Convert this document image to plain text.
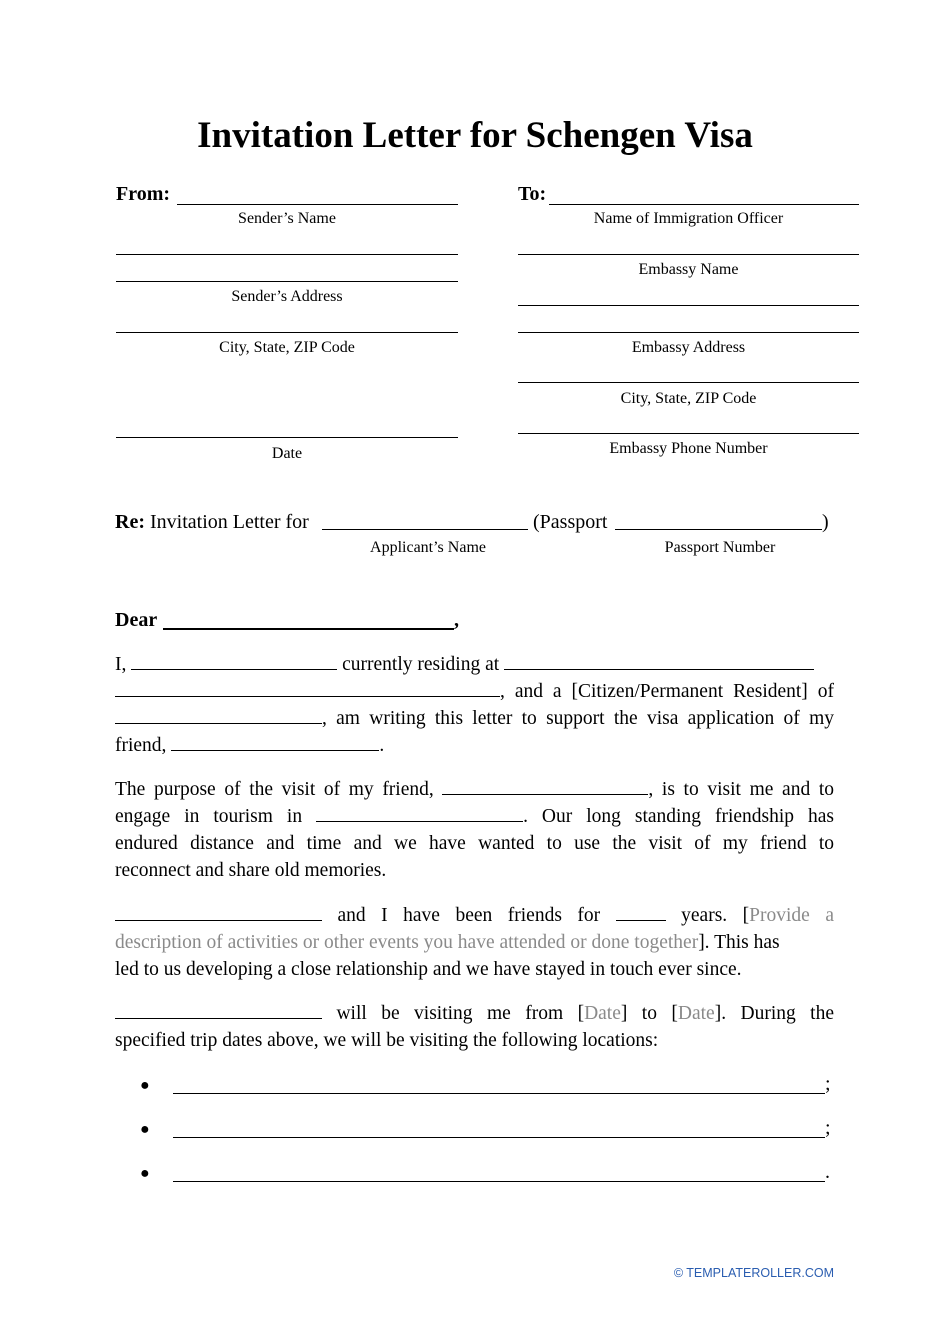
Invitation Letter for Schengen Visa
From:
Sender’s Name
Sender’s Address
City, State, ZIP Code
Date
To:
Name of Immigration Officer
Embassy Name
Embassy Address
City, State, ZIP Code
Embassy Phone Number
Re: Invitation Letter for	(Passport	)
Applicant’s Name	Passport Number
Dear	,
I,	currently residing at
, and a [Citizen/Permanent Resident] of
, am writing this letter to support the visa application of my
friend,	.
The purpose of the visit of my friend,	, is to visit me and to
engage in tourism in	. Our long standing friendship has
endured distance and time and we have wanted to use the visit of my friend to
reconnect and share old memories.
and I have been friends for	years. [Provide a
description of activities or other events you have attended or done together]. This has
led to us developing a close relationship and we have stayed in touch ever since.
will be visiting me from [Date] to [Date]. During the
specified trip dates above, we will be visiting the following locations:
●	;
●	;
●	.
© TEMPLATEROLLER.COM
